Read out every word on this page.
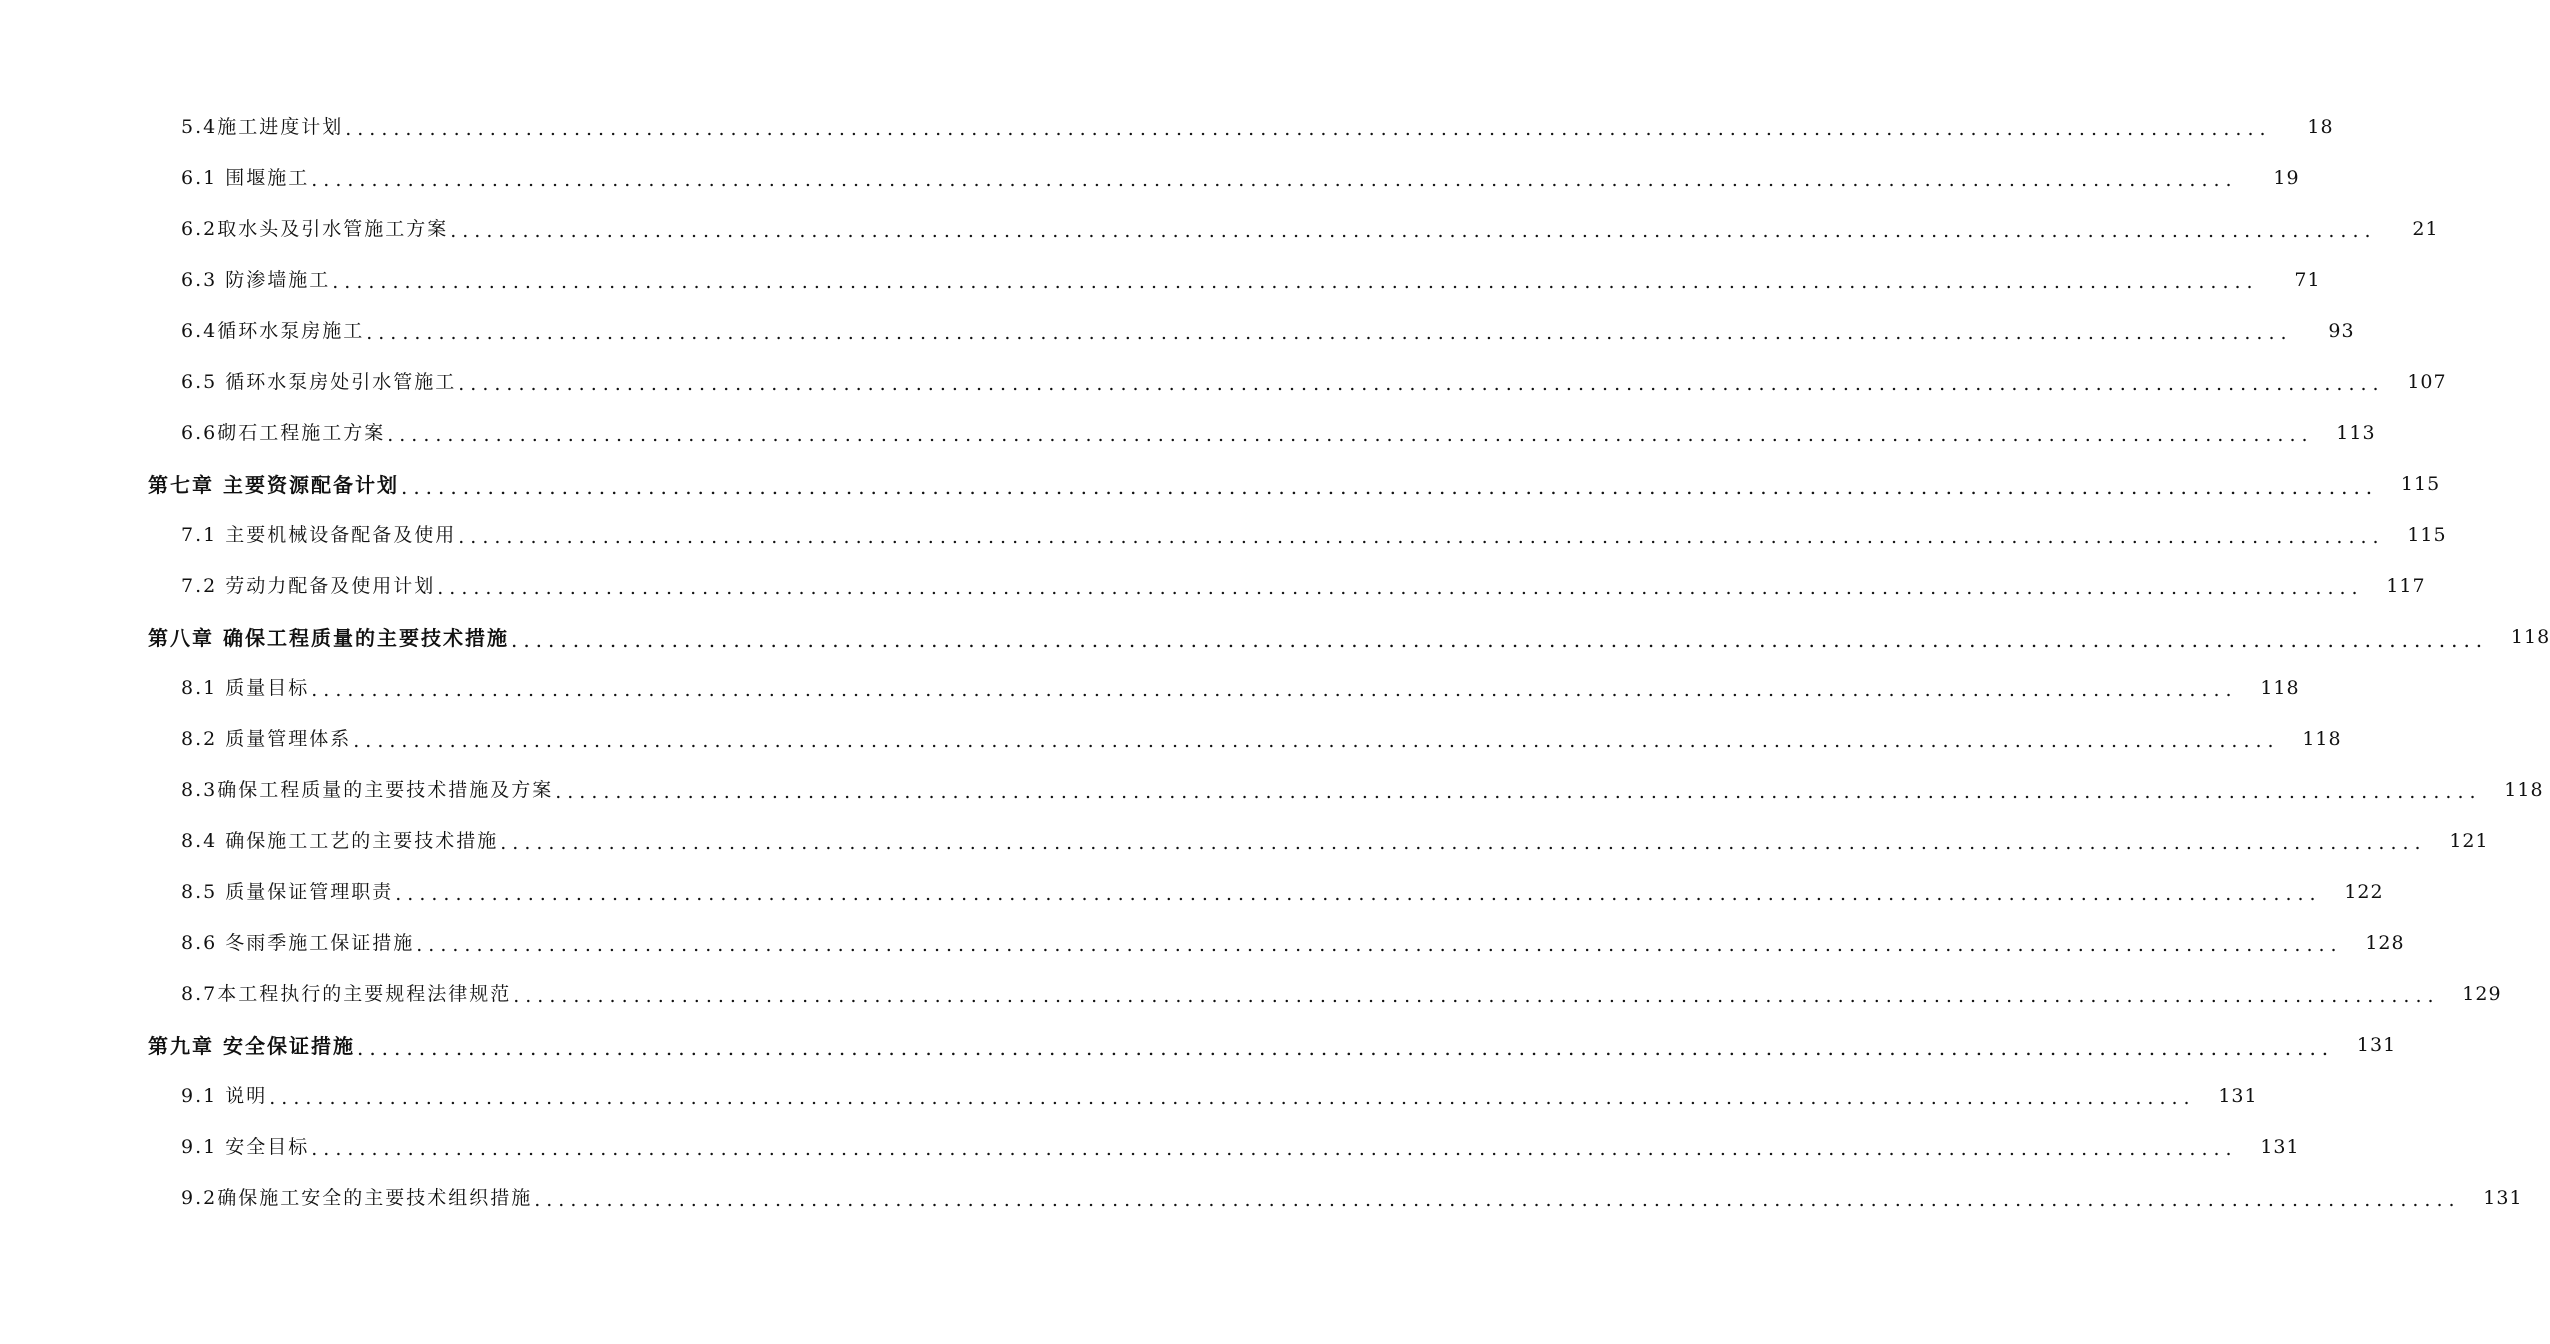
5.4施工进度计划 ................................................................................................................................................................	18
6.1 围堰施工 ................................................................................................................................................................	19
6.2取水头及引水管施工方案 ................................................................................................................................................................	21
6.3 防渗墙施工 ................................................................................................................................................................	71
6.4循环水泵房施工 ................................................................................................................................................................	93
6.5 循环水泵房处引水管施工 ................................................................................................................................................................	107
6.6砌石工程施工方案 ................................................................................................................................................................	113
第七章 主要资源配备计划 ................................................................................................................................................................	115
7.1 主要机械设备配备及使用 ................................................................................................................................................................	115
7.2 劳动力配备及使用计划 ................................................................................................................................................................	117
第八章 确保工程质量的主要技术措施 ................................................................................................................................................................	118
8.1 质量目标 ................................................................................................................................................................	118
8.2 质量管理体系 ................................................................................................................................................................	118
8.3确保工程质量的主要技术措施及方案 ................................................................................................................................................................	118
8.4 确保施工工艺的主要技术措施 ................................................................................................................................................................	121
8.5 质量保证管理职责 ................................................................................................................................................................	122
8.6 冬雨季施工保证措施 ................................................................................................................................................................	128
8.7本工程执行的主要规程法律规范 ................................................................................................................................................................	129
第九章 安全保证措施 ................................................................................................................................................................	131
9.1 说明 ................................................................................................................................................................	131
9.1 安全目标 ................................................................................................................................................................	131
9.2确保施工安全的主要技术组织措施 ................................................................................................................................................................	131
